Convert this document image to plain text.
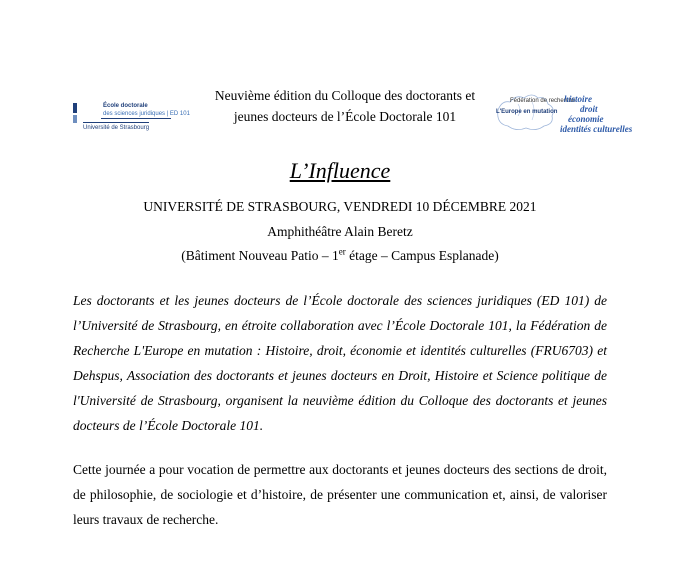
École doctorale
des sciences juridiques | ED 101
Université de Strasbourg
Neuvième édition du Colloque des doctorants et
jeunes docteurs de l’École Doctorale 101
Fédération de recherche
L'Europe en mutation
histoire
droit
économie
identités culturelles
L’Influence
UNIVERSITÉ DE STRASBOURG, VENDREDI 10 DÉCEMBRE 2021
Amphithéâtre Alain Beretz
(Bâtiment Nouveau Patio – 1er étage – Campus Esplanade)
Les doctorants et les jeunes docteurs de l’École doctorale des sciences juridiques (ED 101) de l’Université de Strasbourg, en étroite collaboration avec l’École Doctorale 101, la Fédération de Recherche L'Europe en mutation : Histoire, droit, économie et identités culturelles (FRU6703) et Dehspus, Association des doctorants et jeunes docteurs en Droit, Histoire et Science politique de l'Université de Strasbourg, organisent la neuvième édition du Colloque des doctorants et jeunes docteurs de l’École Doctorale 101.
Cette journée a pour vocation de permettre aux doctorants et jeunes docteurs des sections de droit, de philosophie, de sociologie et d’histoire, de présenter une communication et, ainsi, de valoriser leurs travaux de recherche.
